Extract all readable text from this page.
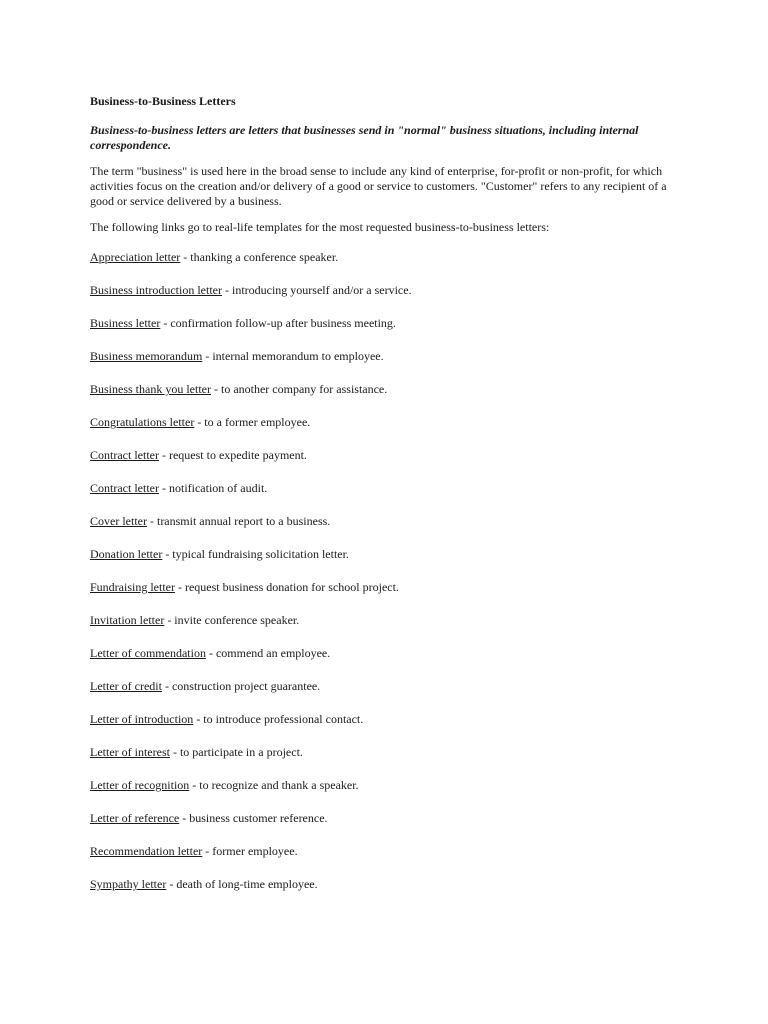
Business-to-Business Letters
Business-to-business letters are letters that businesses send in "normal" business situations, including internal correspondence.
The term "business" is used here in the broad sense to include any kind of enterprise, for-profit or non-profit, for which activities focus on the creation and/or delivery of a good or service to customers. "Customer" refers to any recipient of a good or service delivered by a business.
The following links go to real-life templates for the most requested business-to-business letters:
Appreciation letter - thanking a conference speaker.
Business introduction letter - introducing yourself and/or a service.
Business letter - confirmation follow-up after business meeting.
Business memorandum - internal memorandum to employee.
Business thank you letter - to another company for assistance.
Congratulations letter - to a former employee.
Contract letter - request to expedite payment.
Contract letter - notification of audit.
Cover letter - transmit annual report to a business.
Donation letter - typical fundraising solicitation letter.
Fundraising letter - request business donation for school project.
Invitation letter - invite conference speaker.
Letter of commendation - commend an employee.
Letter of credit - construction project guarantee.
Letter of introduction - to introduce professional contact.
Letter of interest - to participate in a project.
Letter of recognition - to recognize and thank a speaker.
Letter of reference - business customer reference.
Recommendation letter - former employee.
Sympathy letter - death of long-time employee.
